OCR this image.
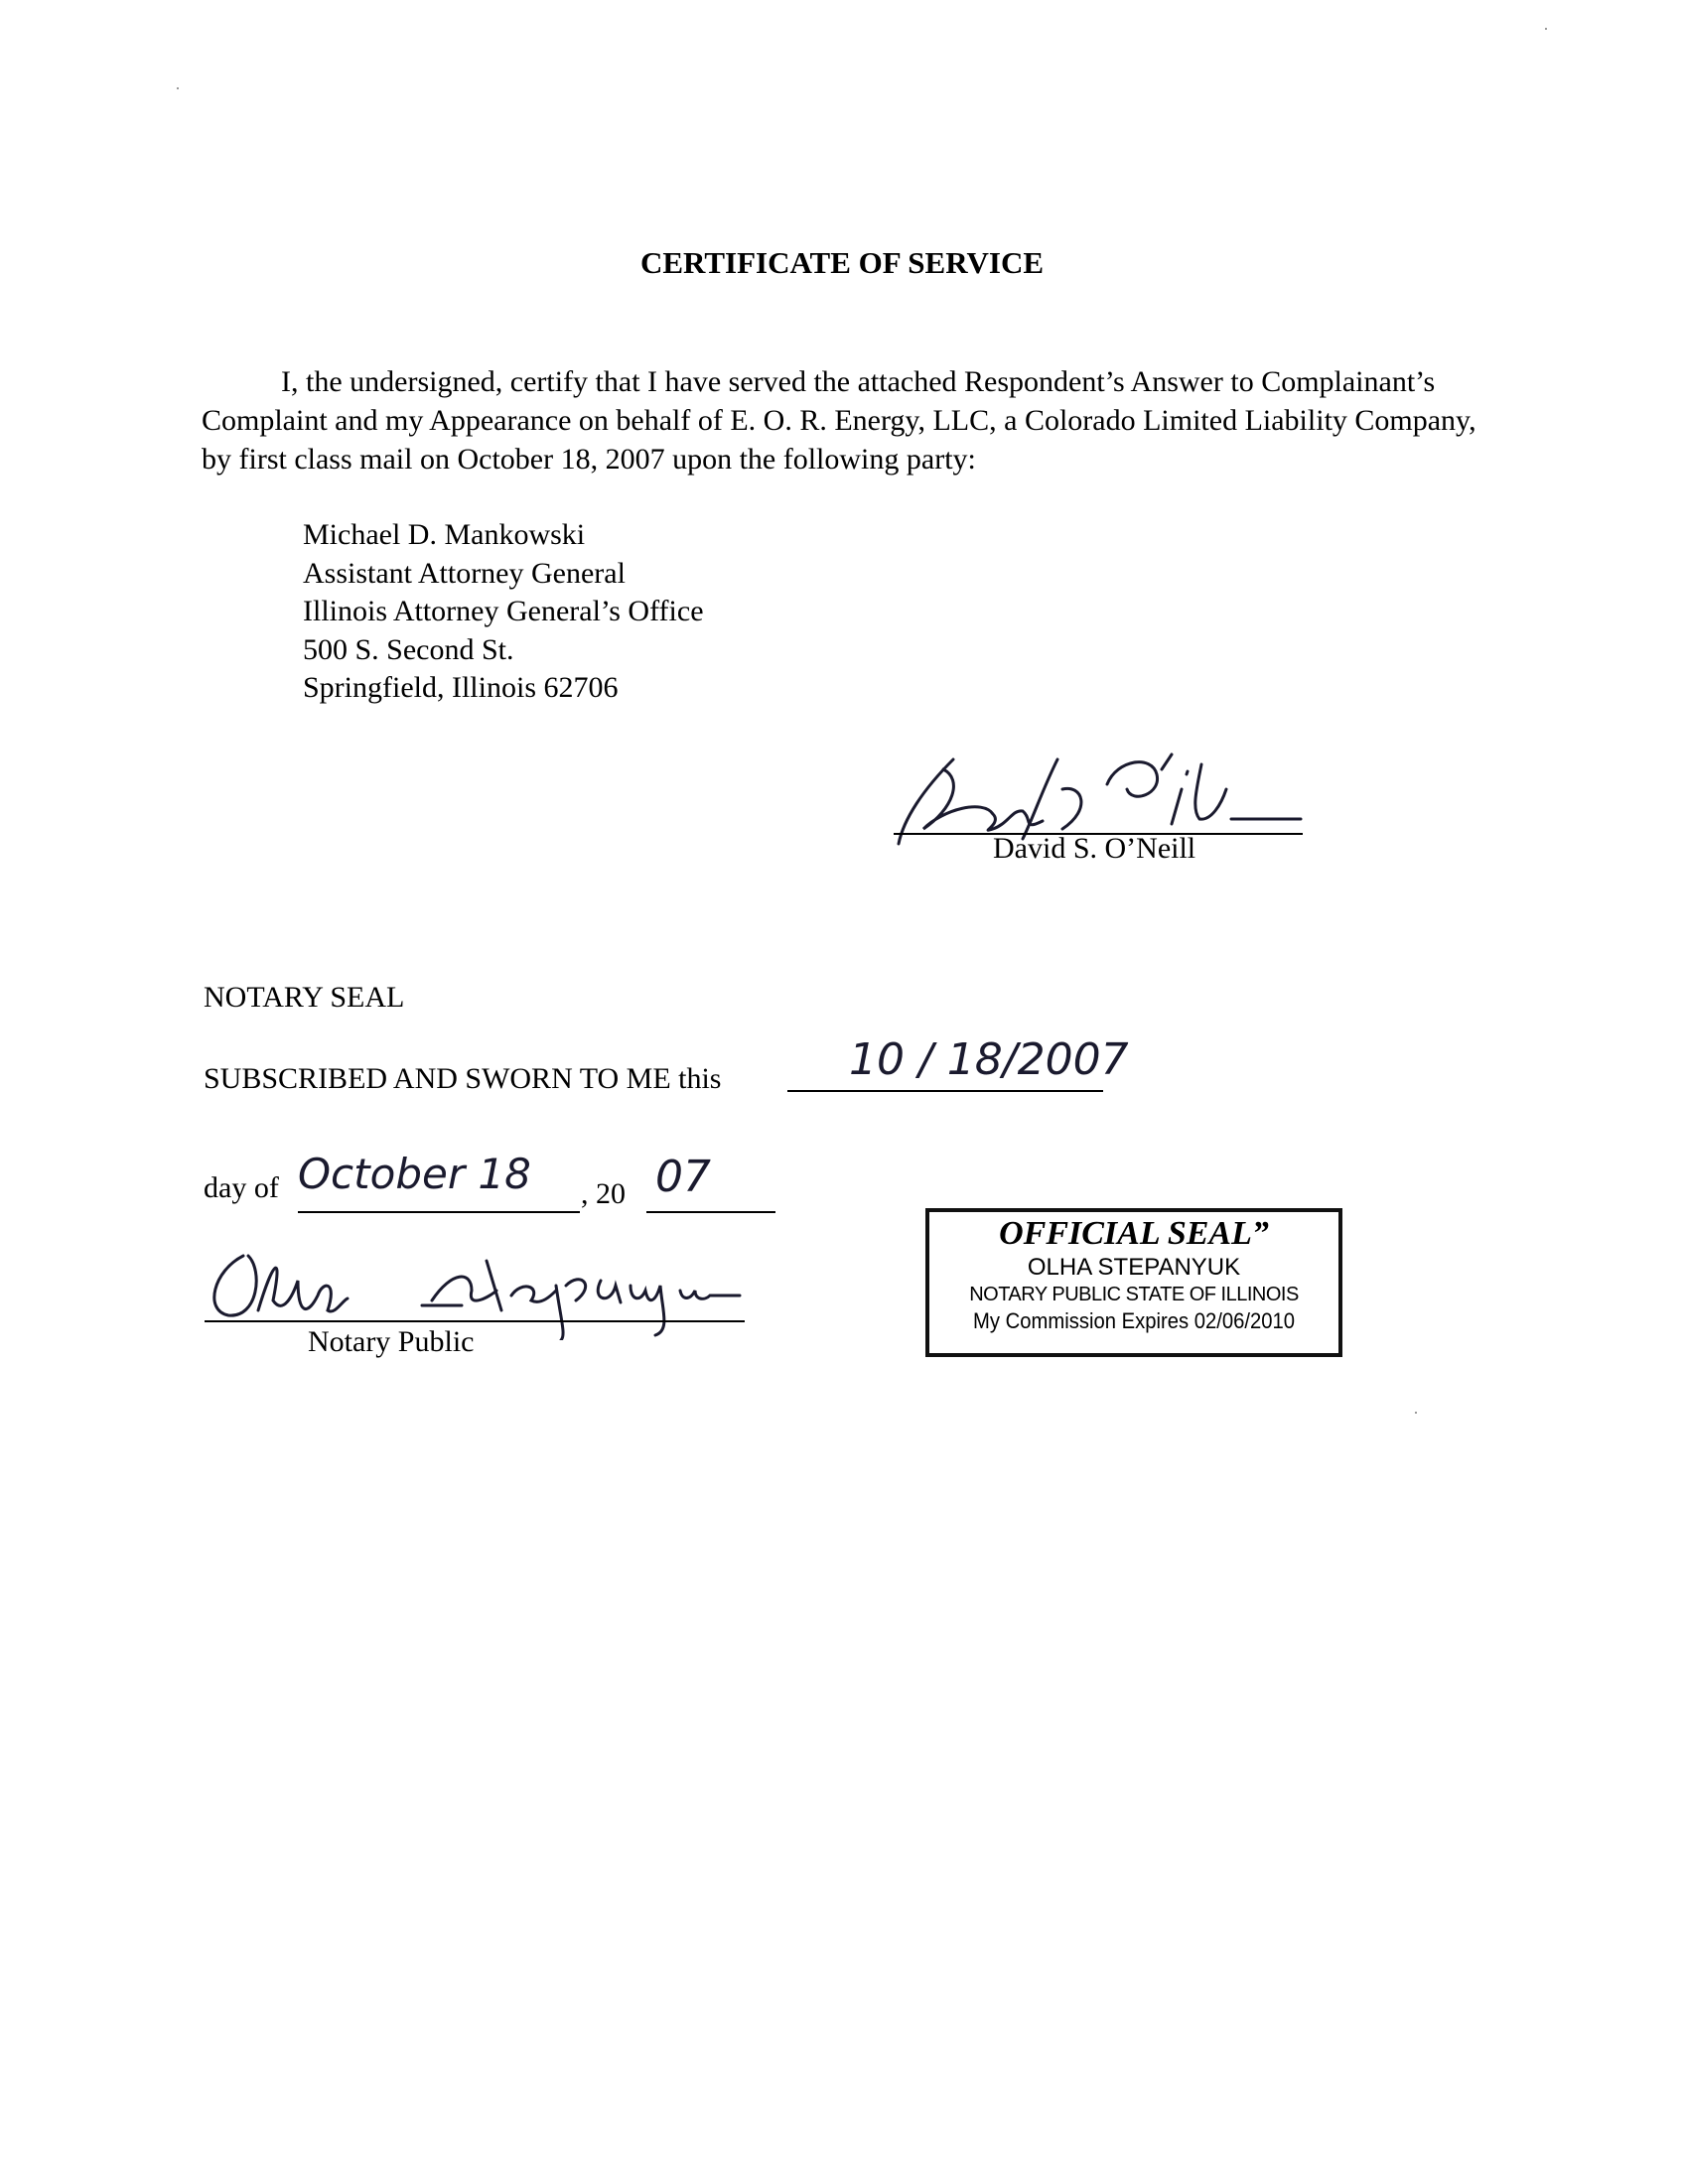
CERTIFICATE OF SERVICE

I, the undersigned, certify that I have served the attached Respondent’s Answer to Complainant’s Complaint and my Appearance on behalf of E. O. R. Energy, LLC, a Colorado Limited Liability Company, by first class mail on October 18, 2007 upon the following party:

Michael D. Mankowski
Assistant Attorney General
Illinois Attorney General’s Office
500 S. Second St.
Springfield, Illinois 62706
David S. O’Neill
NOTARY SEAL
SUBSCRIBED AND SWORN TO ME this	10 / 18/2007
day of October 18 , 20 07
Notary Public
OFFICIAL SEAL”
OLHA STEPANYUK
NOTARY PUBLIC STATE OF ILLINOIS
My Commission Expires 02/06/2010
